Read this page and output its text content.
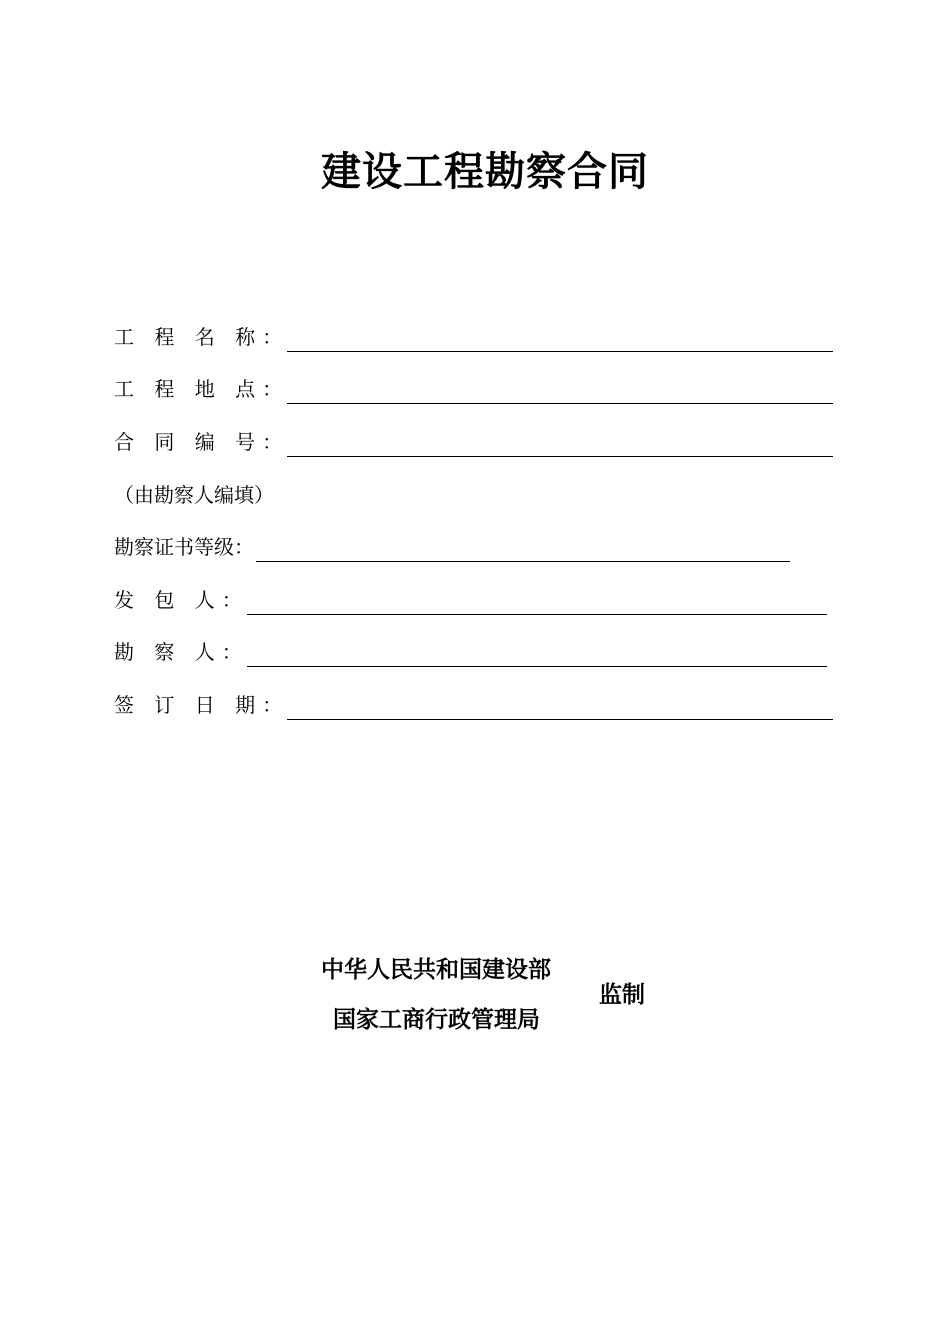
建设工程勘察合同
工 程 名 称：
工 程 地 点：
合 同 编 号：
（由勘察人编填）
勘察证书等级：
发 包 人：
勘 察 人：
签 订 日 期：
中华人民共和国建设部
国家工商行政管理局
监制
